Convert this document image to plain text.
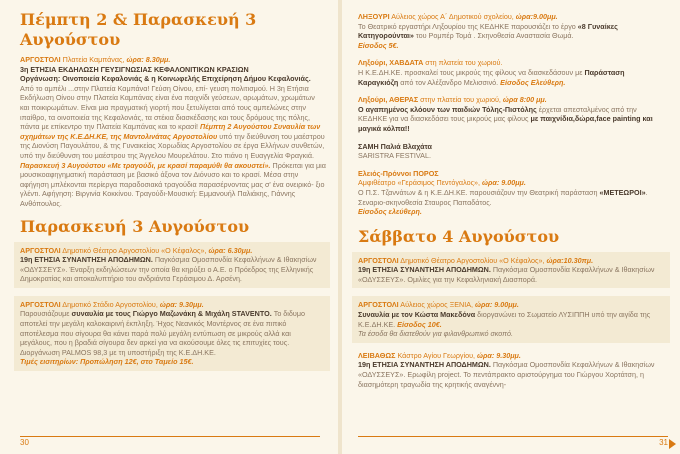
Πέμπτη 2 & Παρασκευή 3 Αυγούστου

ΑΡΓΟΣΤΟΛΙ Πλατεία Καμπάνας, ώρα: 8.30μμ.
3η ΕΤΗΣΙΑ ΕΚΔΗΛΩΣΗ ΓΕΥΣΙΓΝΩΣΙΑΣ ΚΕΦΑΛΟΝΙΤΙΚΩΝ ΚΡΑΣΙΩΝ
Οργάνωση: Οινοποιεία Κεφαλονιάς & η Κοινωφελής Επιχείρηση Δήμου Κεφαλονιάς. Από το αμπέλι ...στην Πλατεία Καμπάνα! Γεύση Οίνου, επί- γευση πολιτισμού. Η 3η Ετήσια Εκδήλωση Οίνου στην Πλατεία Καμπάνας είναι ένα παιχνίδι γεύσεων, αρωμάτων, χρωμάτων και ποικιρωμάτων. Είναι μια πραγματική γιορτή που ξετυλίγεται από τους αμπελώνες στην ιπαίθρο, τα οινοποιεία της Κεφαλονιάς, τα στέκια διασκέδασης και τους δρόμους της πόλης, πάντα με επίκεντρο την Πλατεία Καμπάνας και το κρασί! Πέμπτη 2 Αυγούστου Συναυλία των σχημάτων της Κ.Ε.ΔΗ.ΚΕ, της Μαντολινάτας Αργοστολίου υπό την διεύθυνση του μαέστρου της Διονύση Παγουλάτου, & της Γυναικείας Χορωδίας Αργοστολίου σε έργα Ελλήνων συνθετών, υπό την διεύθυνση του μαέστρου της Άγγελου Μουρελάτου. Στο πιάνο η Ευαγγελία Φραγκιά. Παρασκευή 3 Αυγούστου «Με τραγούδι, με κρασί παραμύθι θα ακουστεί». Πρόκειται για μια μουσικοαφηγηματική παράσταση με βασικό άξονα τον Διόνυσο και το κρασί. Μέσα στην αφήγηση μπλέκονται περίεργα παραδοσιακά τραγούδια παρασέρνοντας μας σ' ένα ονειρικό- ξιο γλέντι. Αφήγηση: Βιργινία Κοκκίνου. Τραγούδι-Μουσική: Εμμανουήλ Παλιάκης, Γιάννης Ανθόπουλος.

Παρασκευή 3 Αυγούστου

ΑΡΓΟΣΤΟΛΙ Δημοτικό Θέατρο Αργοστολίου «Ο Κέφαλος», ώρα: 6.30μμ.
19η ΕΤΗΣΙΑ ΣΥΝΑΝΤΗΣΗ ΑΠΟΔΗΜΩΝ. Παγκόσμια Ομοσπονδία Κεφαλλήνων & Ιθακησίων «ΟΔΥΣΣΕΥΣ». Έναρξη εκδηλώσεων την οποία θα κηρύξει ο Α.Ε. ο Πρόεδρος της Ελληνικής Δημοκρατίας και αποκαλυπτήριο του ανδριάντα Γεράσιμου Δ. Αρσένη.

ΑΡΓΟΣΤΟΛΙ Δημοτικό Στάδιο Αργοστολίου, ώρα: 9.30μμ.
Παρουσιάζουμε συναυλία με τους Γιώργο Μαζωνάκη & Μιχάλη STAVENTO. Το διδυμο αποτελεί την μεγάλη καλοκαιρινή έκπληξη. Ήχος Νεανικός Μοντέρνος σε ένα πιπικό αποτέλεσμα που σίγουρα θα κάνει παρά πολύ μεγάλη εντύπωση σε μικρούς αλλά και μεγάλους, που η βραδιά σίγουρα δεν αρκεί για να ακούσουμε όλες τις επιτυχίες τους. Διοργάνωση PALMOS 98,3 με τη υποστήριξη της Κ.Ε.ΔΗ.ΚΕ.
Τιμές εισιτηρίων: Προπώληση 12€, στο Ταμείο 15€.

ΛΗΞΟΥΡΙ Αύλειος χώρος Α΄ Δημοτικού σχολείου, ώρα:9.00μμ.
Το Θεατρικό εργαστήρι Ληξουρίου της ΚΕΔΗΚΕ παρουσιάζει το έργο «8 Γυναίκες Κατηγορούνται» του Ρομπέρ Τομά . Σκηνοθεσία Αναστασία Θωμά.
Είσοδος 5€.

Ληξούρι, ΧΑΒΔΑΤΑ στη πλατεία του χωριού.
Η Κ.Ε.ΔΗ.ΚΕ. προσκαλεί τους μικρούς της φίλους να διασκεδάσουν με Παράσταση Καραγκιόζη από τον Αλέξανδρο Μελισσινό. Είσοδος Ελεύθερη.

Ληξούρι, ΑΘΕΡΑΣ στην πλατεία του χωριού, ώρα 8:00 μμ.
Ο αγαπημένος κλόουν των παιδιών Τόλης-Πιστόλης έρχεται απεσταλμένος από την ΚΕΔΗΚΕ για να διασκεδάσει τους μικρούς μας φίλους με παιχνίδια,δώρα,face painting και μαγικά κόλπα!!

ΣΑΜΗ Παλιά Βλαχάτα
SARISTRA FESTIVAL.

Ελειός-Πρόννοι ΠΟΡΟΣ
Αμφιθέατρο «Γεράσιμος Πεντόγαλος», ώρα: 9.00μμ.
Ο Π.Σ. Τζαννάτων & η Κ.Ε.ΔΗ.ΚΕ. παρουσιάζουν την Θεατρική παράσταση «ΜΕΤΕΩΡΟΙ». Σεναριο-σκηνοθεσία Σταυρος Παπαδάτος.
Είσοδος ελεύθερη.

Σάββατο 4 Αυγούστου

ΑΡΓΟΣΤΟΛΙ Δημοτικό Θέατρο Αργοστολίου «Ο Κέφαλος», ώρα:10.30πμ.
19η ΕΤΗΣΙΑ ΣΥΝΑΝΤΗΣΗ ΑΠΟΔΗΜΩΝ. Παγκόσμια Ομοσπονδία Κεφαλλήνων & Ιθακησίων «ΟΔΥΣΣΕΥΣ». Ομιλίες για την Κεφαλληνιακή Διασπορά.

ΑΡΓΟΣΤΟΛΙ Αύλειος χώρος ΞΕΝΙΑ, ώρα: 9.00μμ.
Συναυλία με τον Κώστα Μακεδόνα διοργανώνει το Σωματείο ΛΥΣΙΠΠΗ υπό την αιγίδα της Κ.Ε.ΔΗ.ΚΕ. Είσοδος 10€.
Τα έσοδα θα διατεθούν για φιλανθρωπικό σκοπό.

ΛΕΙΒΑΘΩΣ Κάστρο Αγίου Γεωργίου, ώρα: 9.30μμ.
19η ΕΤΗΣΙΑ ΣΥΝΑΝΤΗΣΗ ΑΠΟΔΗΜΩΝ. Παγκόσμια Ομοσπονδία Κεφαλλήνων & Ιθακησίων «ΟΔΥΣΣΕΥΣ». Ερωφίλη project. Το πεντάπρακτο αριστούργημα του Γιώργου Χορτάτση, η διασημότερη τραγωδία της κρητικής αναγέννη-

30	31
